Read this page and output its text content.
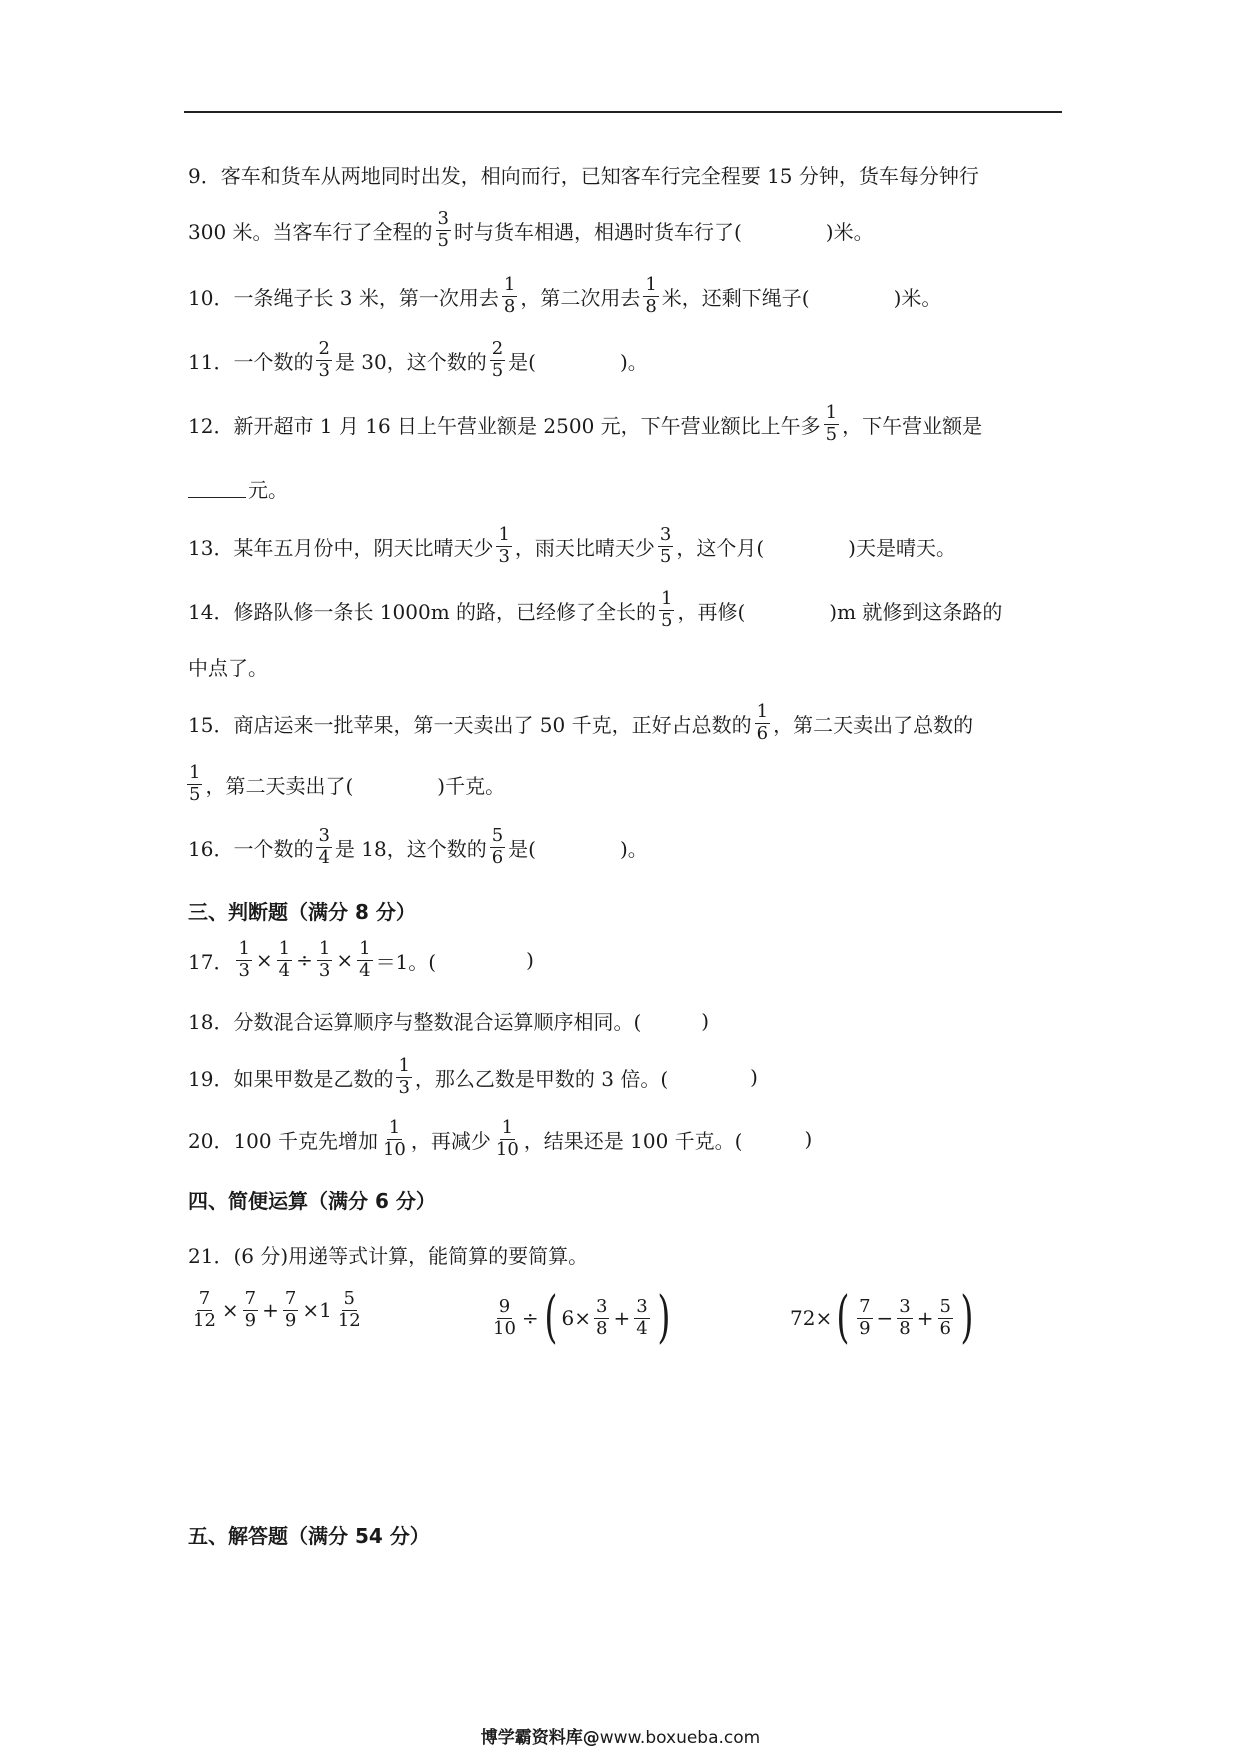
9．客车和货车从两地同时出发，相向而行，已知客车行完全程要 15 分钟，货车每分钟行
300 米。当客车行了全程的 $\frac{3}{5}$ 时与货车相遇，相遇时货车行了(	)米。
10．一条绳子长 3 米，第一次用去 $\frac{1}{8}$ ，第二次用去 $\frac{1}{8}$ 米，还剩下绳子(	)米。
11．一个数的 $\frac{2}{3}$ 是 30，这个数的 $\frac{2}{5}$ 是(	)。
12．新开超市 1 月 16 日上午营业额是 2500 元，下午营业额比上午多 $\frac{1}{5}$ ，下午营业额是
元。
13．某年五月份中，阴天比晴天少 $\frac{1}{3}$ ，雨天比晴天少 $\frac{3}{5}$ ，这个月(	)天是晴天。
14．修路队修一条长 1000m 的路，已经修了全长的 $\frac{1}{5}$ ，再修(	)m 就修到这条路的
中点了。
15．商店运来一批苹果，第一天卖出了 50 千克，正好占总数的 $\frac{1}{6}$ ，第二天卖出了总数的
$\frac{1}{5}$ ，第二天卖出了(	)千克。
16．一个数的 $\frac{3}{4}$ 是 18，这个数的 $\frac{5}{6}$ 是(	)。
三、判断题（满分 8 分）
17． $\frac{1}{3} \times \frac{1}{4} \div \frac{1}{3} \times \frac{1}{4} =1$。(	)
18．分数混合运算顺序与整数混合运算顺序相同。(	)
19．如果甲数是乙数的 $\frac{1}{3}$ ，那么乙数是甲数的 3 倍。(	)
20．100 千克先增加 $\frac{1}{10}$ ，再减少 $\frac{1}{10}$ ，结果还是 100 千克。(	)
四、简便运算（满分 6 分）
21．(6 分)用递等式计算，能简算的要简算。
$\frac{7}{12} \times \frac{7}{9} + \frac{7}{9} \times 1 \frac{5}{12}$	$\frac{9}{10}$ ÷ ( $6\times \frac{3}{8} + \frac{3}{4}$ )	72× ( $\frac{7}{9} - \frac{3}{8} + \frac{5}{6}$ )
五、解答题（满分 54 分）
博学霸资料库@www.boxueba.com
